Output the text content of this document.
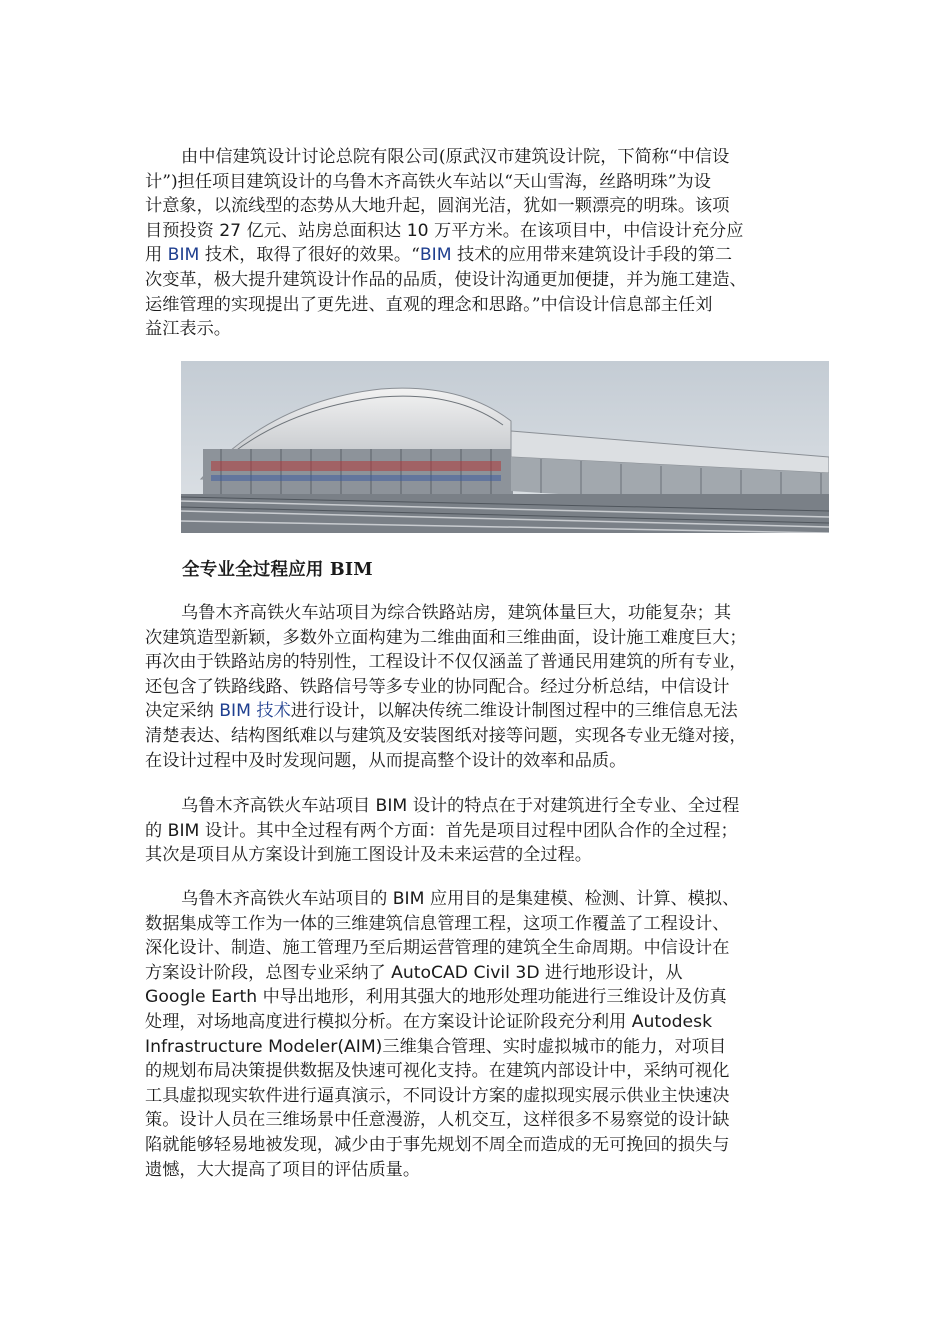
由中信建筑设计讨论总院有限公司(原武汉市建筑设计院，下简称“中信设
计”)担任项目建筑设计的乌鲁木齐高铁火车站以“天山雪海，丝路明珠”为设
计意象，以流线型的态势从大地升起，圆润光洁，犹如一颗漂亮的明珠。该项
目预投资 27 亿元、站房总面积达 10 万平方米。在该项目中，中信设计充分应
用 BIM 技术，取得了很好的效果。“BIM 技术的应用带来建筑设计手段的第二
次变革，极大提升建筑设计作品的品质，使设计沟通更加便捷，并为施工建造、
运维管理的实现提出了更先进、直观的理念和思路。”中信设计信息部主任刘
益江表示。

全专业全过程应用 BIM

乌鲁木齐高铁火车站项目为综合铁路站房，建筑体量巨大，功能复杂；其
次建筑造型新颖，多数外立面构建为二维曲面和三维曲面，设计施工难度巨大；
再次由于铁路站房的特别性，工程设计不仅仅涵盖了普通民用建筑的所有专业，
还包含了铁路线路、铁路信号等多专业的协同配合。经过分析总结，中信设计
决定采纳 BIM 技术进行设计，以解决传统二维设计制图过程中的三维信息无法
清楚表达、结构图纸难以与建筑及安装图纸对接等问题，实现各专业无缝对接，
在设计过程中及时发现问题，从而提高整个设计的效率和品质。

乌鲁木齐高铁火车站项目 BIM 设计的特点在于对建筑进行全专业、全过程
的 BIM 设计。其中全过程有两个方面：首先是项目过程中团队合作的全过程；
其次是项目从方案设计到施工图设计及未来运营的全过程。

乌鲁木齐高铁火车站项目的 BIM 应用目的是集建模、检测、计算、模拟、
数据集成等工作为一体的三维建筑信息管理工程，这项工作覆盖了工程设计、
深化设计、制造、施工管理乃至后期运营管理的建筑全生命周期。中信设计在
方案设计阶段，总图专业采纳了 AutoCAD Civil 3D 进行地形设计，从
Google Earth 中导出地形，利用其强大的地形处理功能进行三维设计及仿真
处理，对场地高度进行模拟分析。在方案设计论证阶段充分利用 Autodesk
Infrastructure Modeler(AIM)三维集合管理、实时虚拟城市的能力，对项目
的规划布局决策提供数据及快速可视化支持。在建筑内部设计中，采纳可视化
工具虚拟现实软件进行逼真演示，不同设计方案的虚拟现实展示供业主快速决
策。设计人员在三维场景中任意漫游，人机交互，这样很多不易察觉的设计缺
陷就能够轻易地被发现，减少由于事先规划不周全而造成的无可挽回的损失与
遗憾，大大提高了项目的评估质量。
